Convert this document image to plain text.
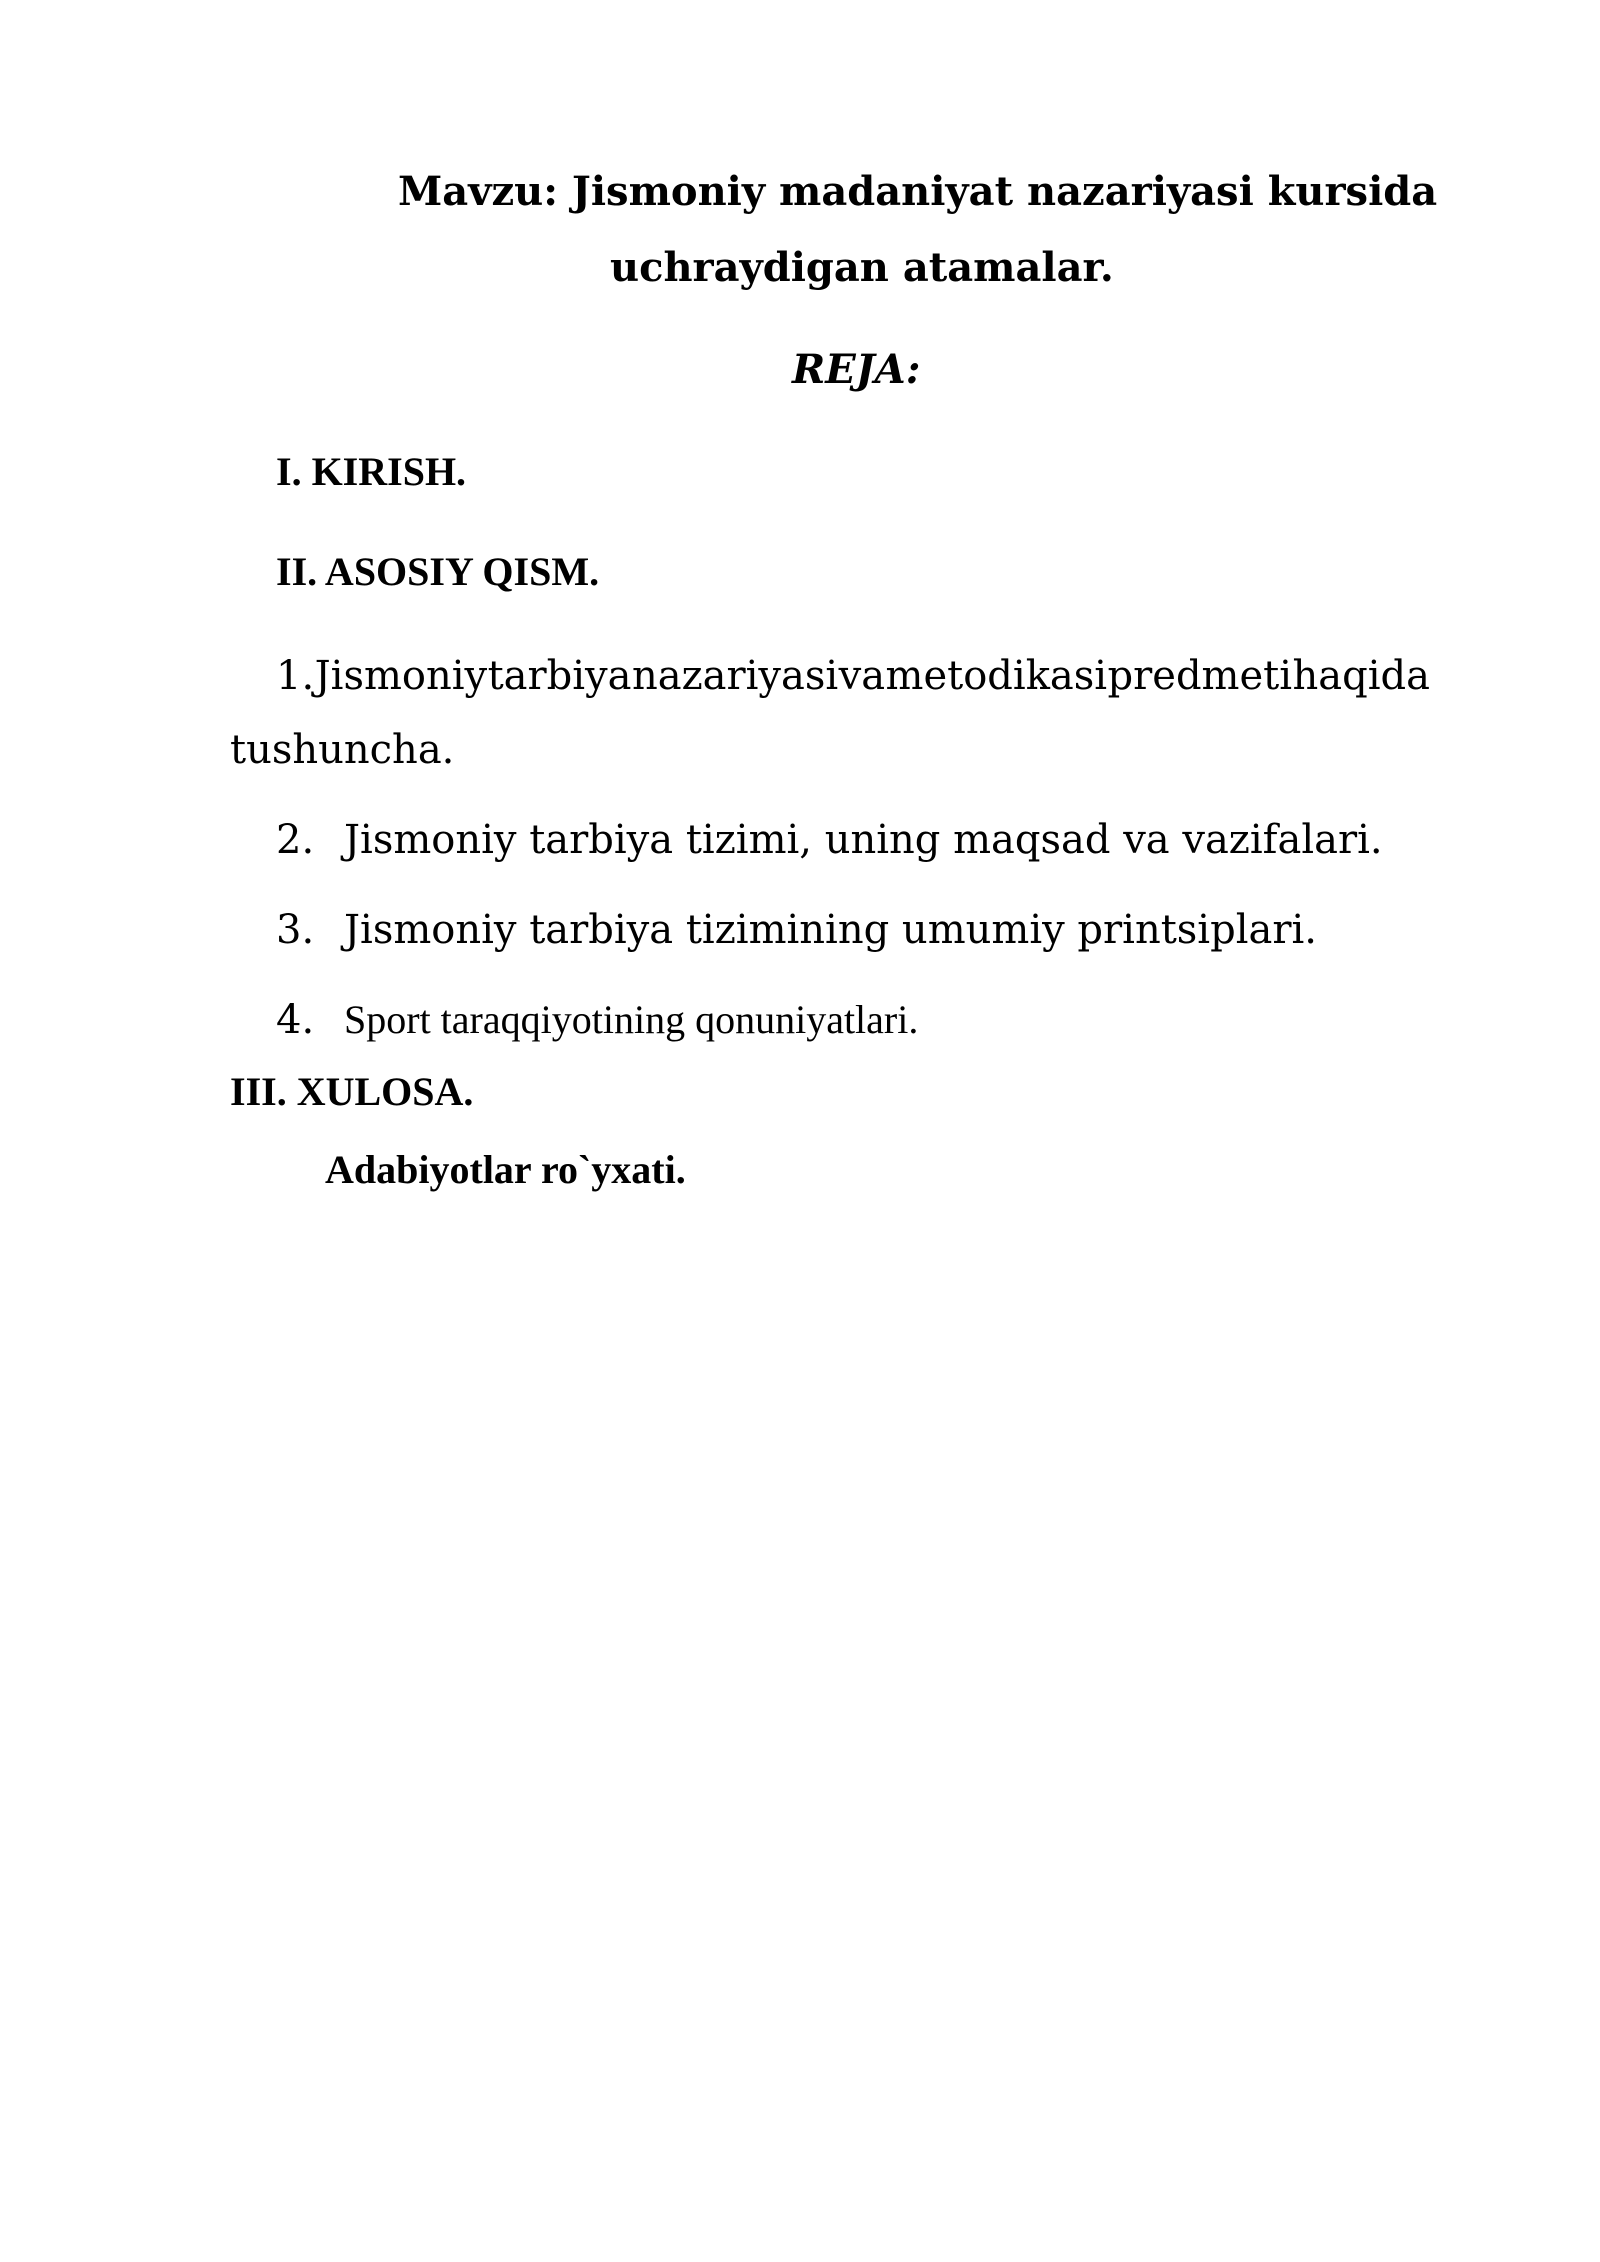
Mavzu: Jismoniy madaniyat nazariyasi kursida
uchraydigan atamalar.
REJA:
I. KIRISH.
II. ASOSIY QISM.
1. Jismoniy tarbiya nazariyasi va metodikasi predmeti haqida
tushuncha.
2. Jismoniy tarbiya tizimi, uning maqsad va vazifalari.
3. Jismoniy tarbiya tizimining umumiy printsiplari.
4. Sport taraqqiyotining qonuniyatlari.
III. XULOSA.
Adabiyotlar ro`yxati.
